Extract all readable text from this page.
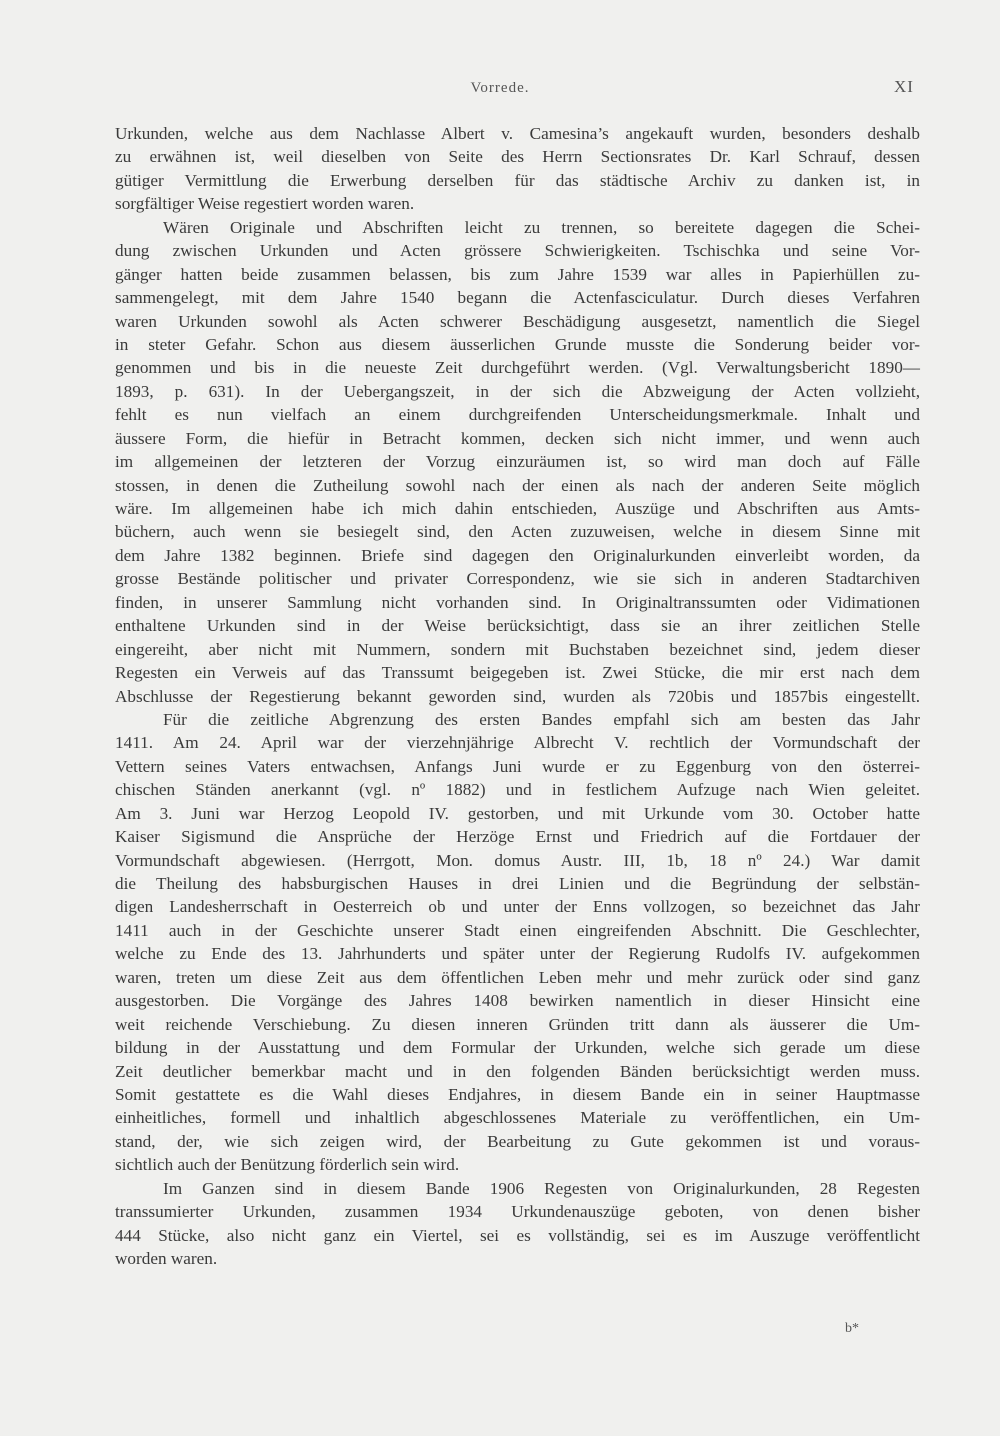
Vorrede.	XI
Urkunden, welche aus dem Nachlasse Albert v. Camesina’s angekauft wurden, besonders deshalb
zu erwähnen ist, weil dieselben von Seite des Herrn Sectionsrates Dr. Karl Schrauf, dessen
gütiger Vermittlung die Erwerbung derselben für das städtische Archiv zu danken ist, in
sorgfältiger Weise regestiert worden waren.
Wären Originale und Abschriften leicht zu trennen, so bereitete dagegen die Schei-
dung zwischen Urkunden und Acten grössere Schwierigkeiten. Tschischka und seine Vor-
gänger hatten beide zusammen belassen, bis zum Jahre 1539 war alles in Papierhüllen zu-
sammengelegt, mit dem Jahre 1540 begann die Actenfasciculatur. Durch dieses Verfahren
waren Urkunden sowohl als Acten schwerer Beschädigung ausgesetzt, namentlich die Siegel
in steter Gefahr. Schon aus diesem äusserlichen Grunde musste die Sonderung beider vor-
genommen und bis in die neueste Zeit durchgeführt werden. (Vgl. Verwaltungsbericht 1890—
1893, p. 631). In der Uebergangszeit, in der sich die Abzweigung der Acten vollzieht,
fehlt es nun vielfach an einem durchgreifenden Unterscheidungsmerkmale. Inhalt und
äussere Form, die hiefür in Betracht kommen, decken sich nicht immer, und wenn auch
im allgemeinen der letzteren der Vorzug einzuräumen ist, so wird man doch auf Fälle
stossen, in denen die Zutheilung sowohl nach der einen als nach der anderen Seite möglich
wäre. Im allgemeinen habe ich mich dahin entschieden, Auszüge und Abschriften aus Amts-
büchern, auch wenn sie besiegelt sind, den Acten zuzuweisen, welche in diesem Sinne mit
dem Jahre 1382 beginnen. Briefe sind dagegen den Originalurkunden einverleibt worden, da
grosse Bestände politischer und privater Correspondenz, wie sie sich in anderen Stadtarchiven
finden, in unserer Sammlung nicht vorhanden sind. In Originaltranssumten oder Vidimationen
enthaltene Urkunden sind in der Weise berücksichtigt, dass sie an ihrer zeitlichen Stelle
eingereiht, aber nicht mit Nummern, sondern mit Buchstaben bezeichnet sind, jedem dieser
Regesten ein Verweis auf das Transsumt beigegeben ist. Zwei Stücke, die mir erst nach dem
Abschlusse der Regestierung bekannt geworden sind, wurden als 720bis und 1857bis eingestellt.
Für die zeitliche Abgrenzung des ersten Bandes empfahl sich am besten das Jahr
1411. Am 24. April war der vierzehnjährige Albrecht V. rechtlich der Vormundschaft der
Vettern seines Vaters entwachsen, Anfangs Juni wurde er zu Eggenburg von den österrei-
chischen Ständen anerkannt (vgl. nº 1882) und in festlichem Aufzuge nach Wien geleitet.
Am 3. Juni war Herzog Leopold IV. gestorben, und mit Urkunde vom 30. October hatte
Kaiser Sigismund die Ansprüche der Herzöge Ernst und Friedrich auf die Fortdauer der
Vormundschaft abgewiesen. (Herrgott, Mon. domus Austr. III, 1b, 18 nº 24.) War damit
die Theilung des habsburgischen Hauses in drei Linien und die Begründung der selbstän-
digen Landesherrschaft in Oesterreich ob und unter der Enns vollzogen, so bezeichnet das Jahr
1411 auch in der Geschichte unserer Stadt einen eingreifenden Abschnitt. Die Geschlechter,
welche zu Ende des 13. Jahrhunderts und später unter der Regierung Rudolfs IV. aufgekommen
waren, treten um diese Zeit aus dem öffentlichen Leben mehr und mehr zurück oder sind ganz
ausgestorben. Die Vorgänge des Jahres 1408 bewirken namentlich in dieser Hinsicht eine
weit reichende Verschiebung. Zu diesen inneren Gründen tritt dann als äusserer die Um-
bildung in der Ausstattung und dem Formular der Urkunden, welche sich gerade um diese
Zeit deutlicher bemerkbar macht und in den folgenden Bänden berücksichtigt werden muss.
Somit gestattete es die Wahl dieses Endjahres, in diesem Bande ein in seiner Hauptmasse
einheitliches, formell und inhaltlich abgeschlossenes Materiale zu veröffentlichen, ein Um-
stand, der, wie sich zeigen wird, der Bearbeitung zu Gute gekommen ist und voraus-
sichtlich auch der Benützung förderlich sein wird.
Im Ganzen sind in diesem Bande 1906 Regesten von Originalurkunden, 28 Regesten
transsumierter Urkunden, zusammen 1934 Urkundenauszüge geboten, von denen bisher
444 Stücke, also nicht ganz ein Viertel, sei es vollständig, sei es im Auszuge veröffentlicht
worden waren.
b*
